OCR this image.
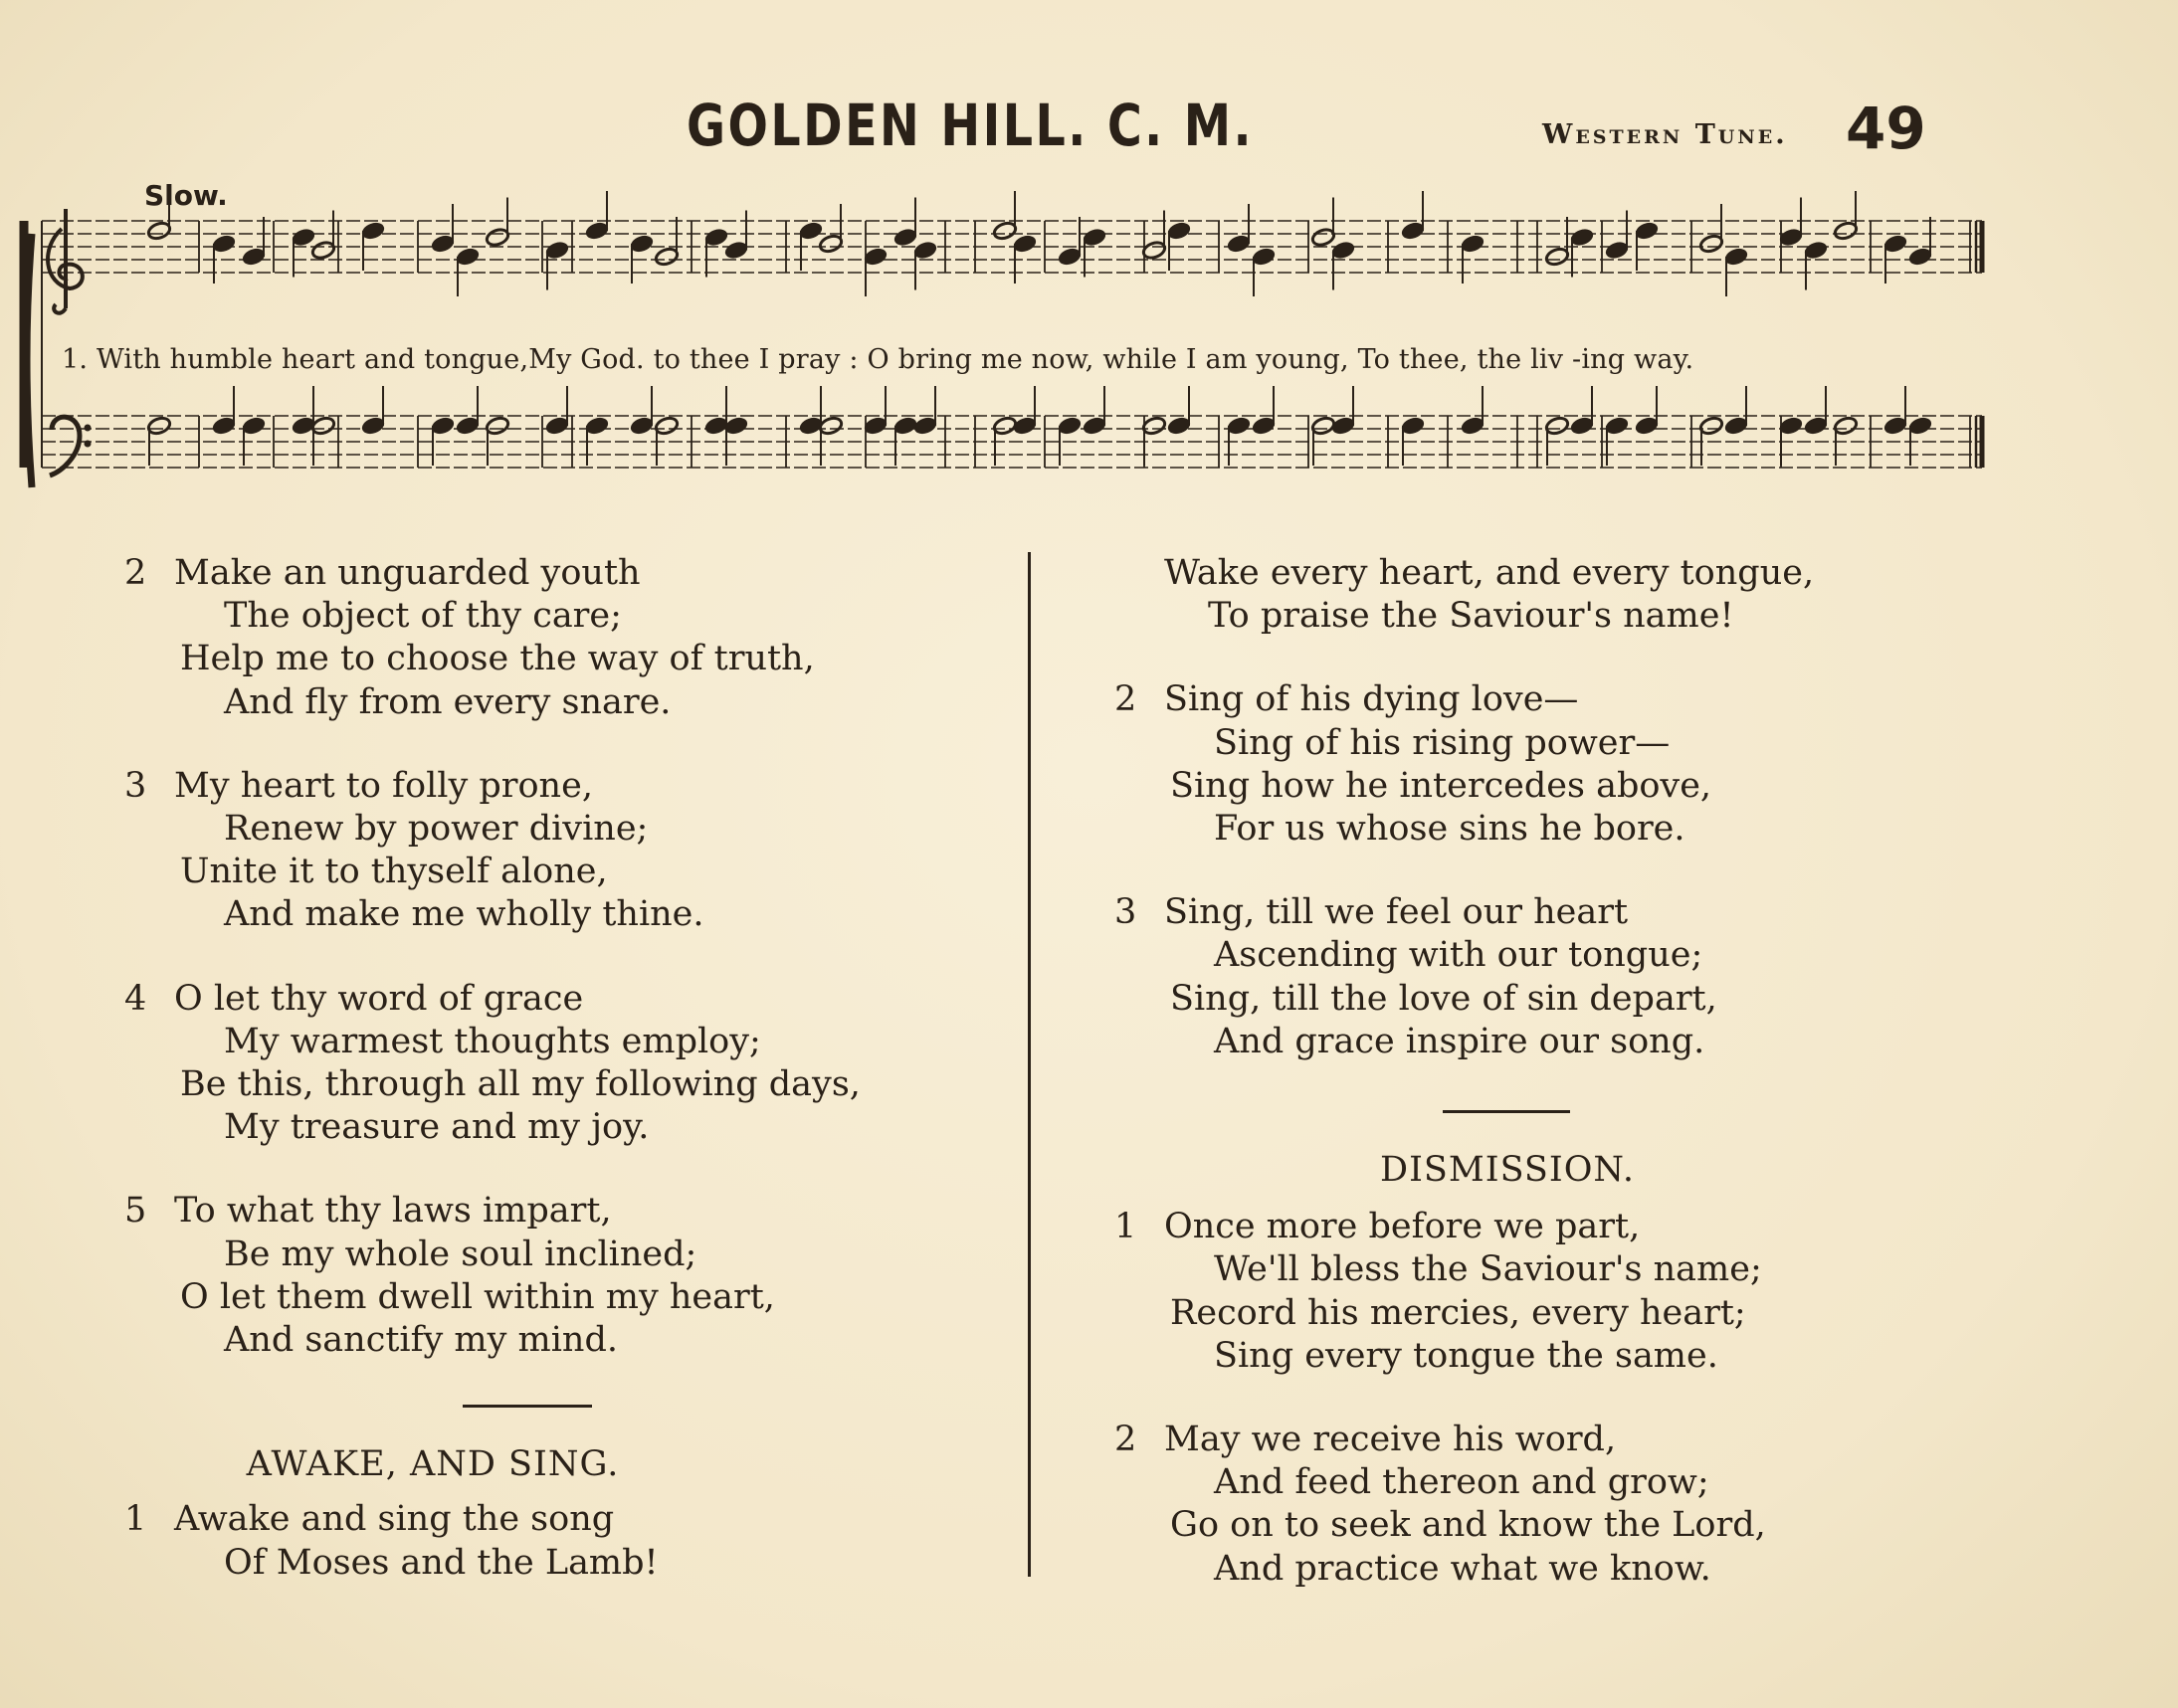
GOLDEN HILL. C. M.	Western Tune. 49
Slow.
1. With humble heart and tongue,My God. to thee I pray : O bring me now, while I am young, To thee, the liv -ing way.
2 Make an unguarded youth
The object of thy care;
Help me to choose the way of truth,
And fly from every snare.
3 My heart to folly prone,
Renew by power divine;
Unite it to thyself alone,
And make me wholly thine.
4 O let thy word of grace
My warmest thoughts employ;
Be this, through all my following days,
My treasure and my joy.
5 To what thy laws impart,
Be my whole soul inclined;
O let them dwell within my heart,
And sanctify my mind.
AWAKE, AND SING.
1 Awake and sing the song
Of Moses and the Lamb!
Wake every heart, and every tongue,
To praise the Saviour's name!
2 Sing of his dying love—
Sing of his rising power—
Sing how he intercedes above,
For us whose sins he bore.
3 Sing, till we feel our heart
Ascending with our tongue;
Sing, till the love of sin depart,
And grace inspire our song.
DISMISSION.
1 Once more before we part,
We'll bless the Saviour's name;
Record his mercies, every heart;
Sing every tongue the same.
2 May we receive his word,
And feed thereon and grow;
Go on to seek and know the Lord,
And practice what we know.
